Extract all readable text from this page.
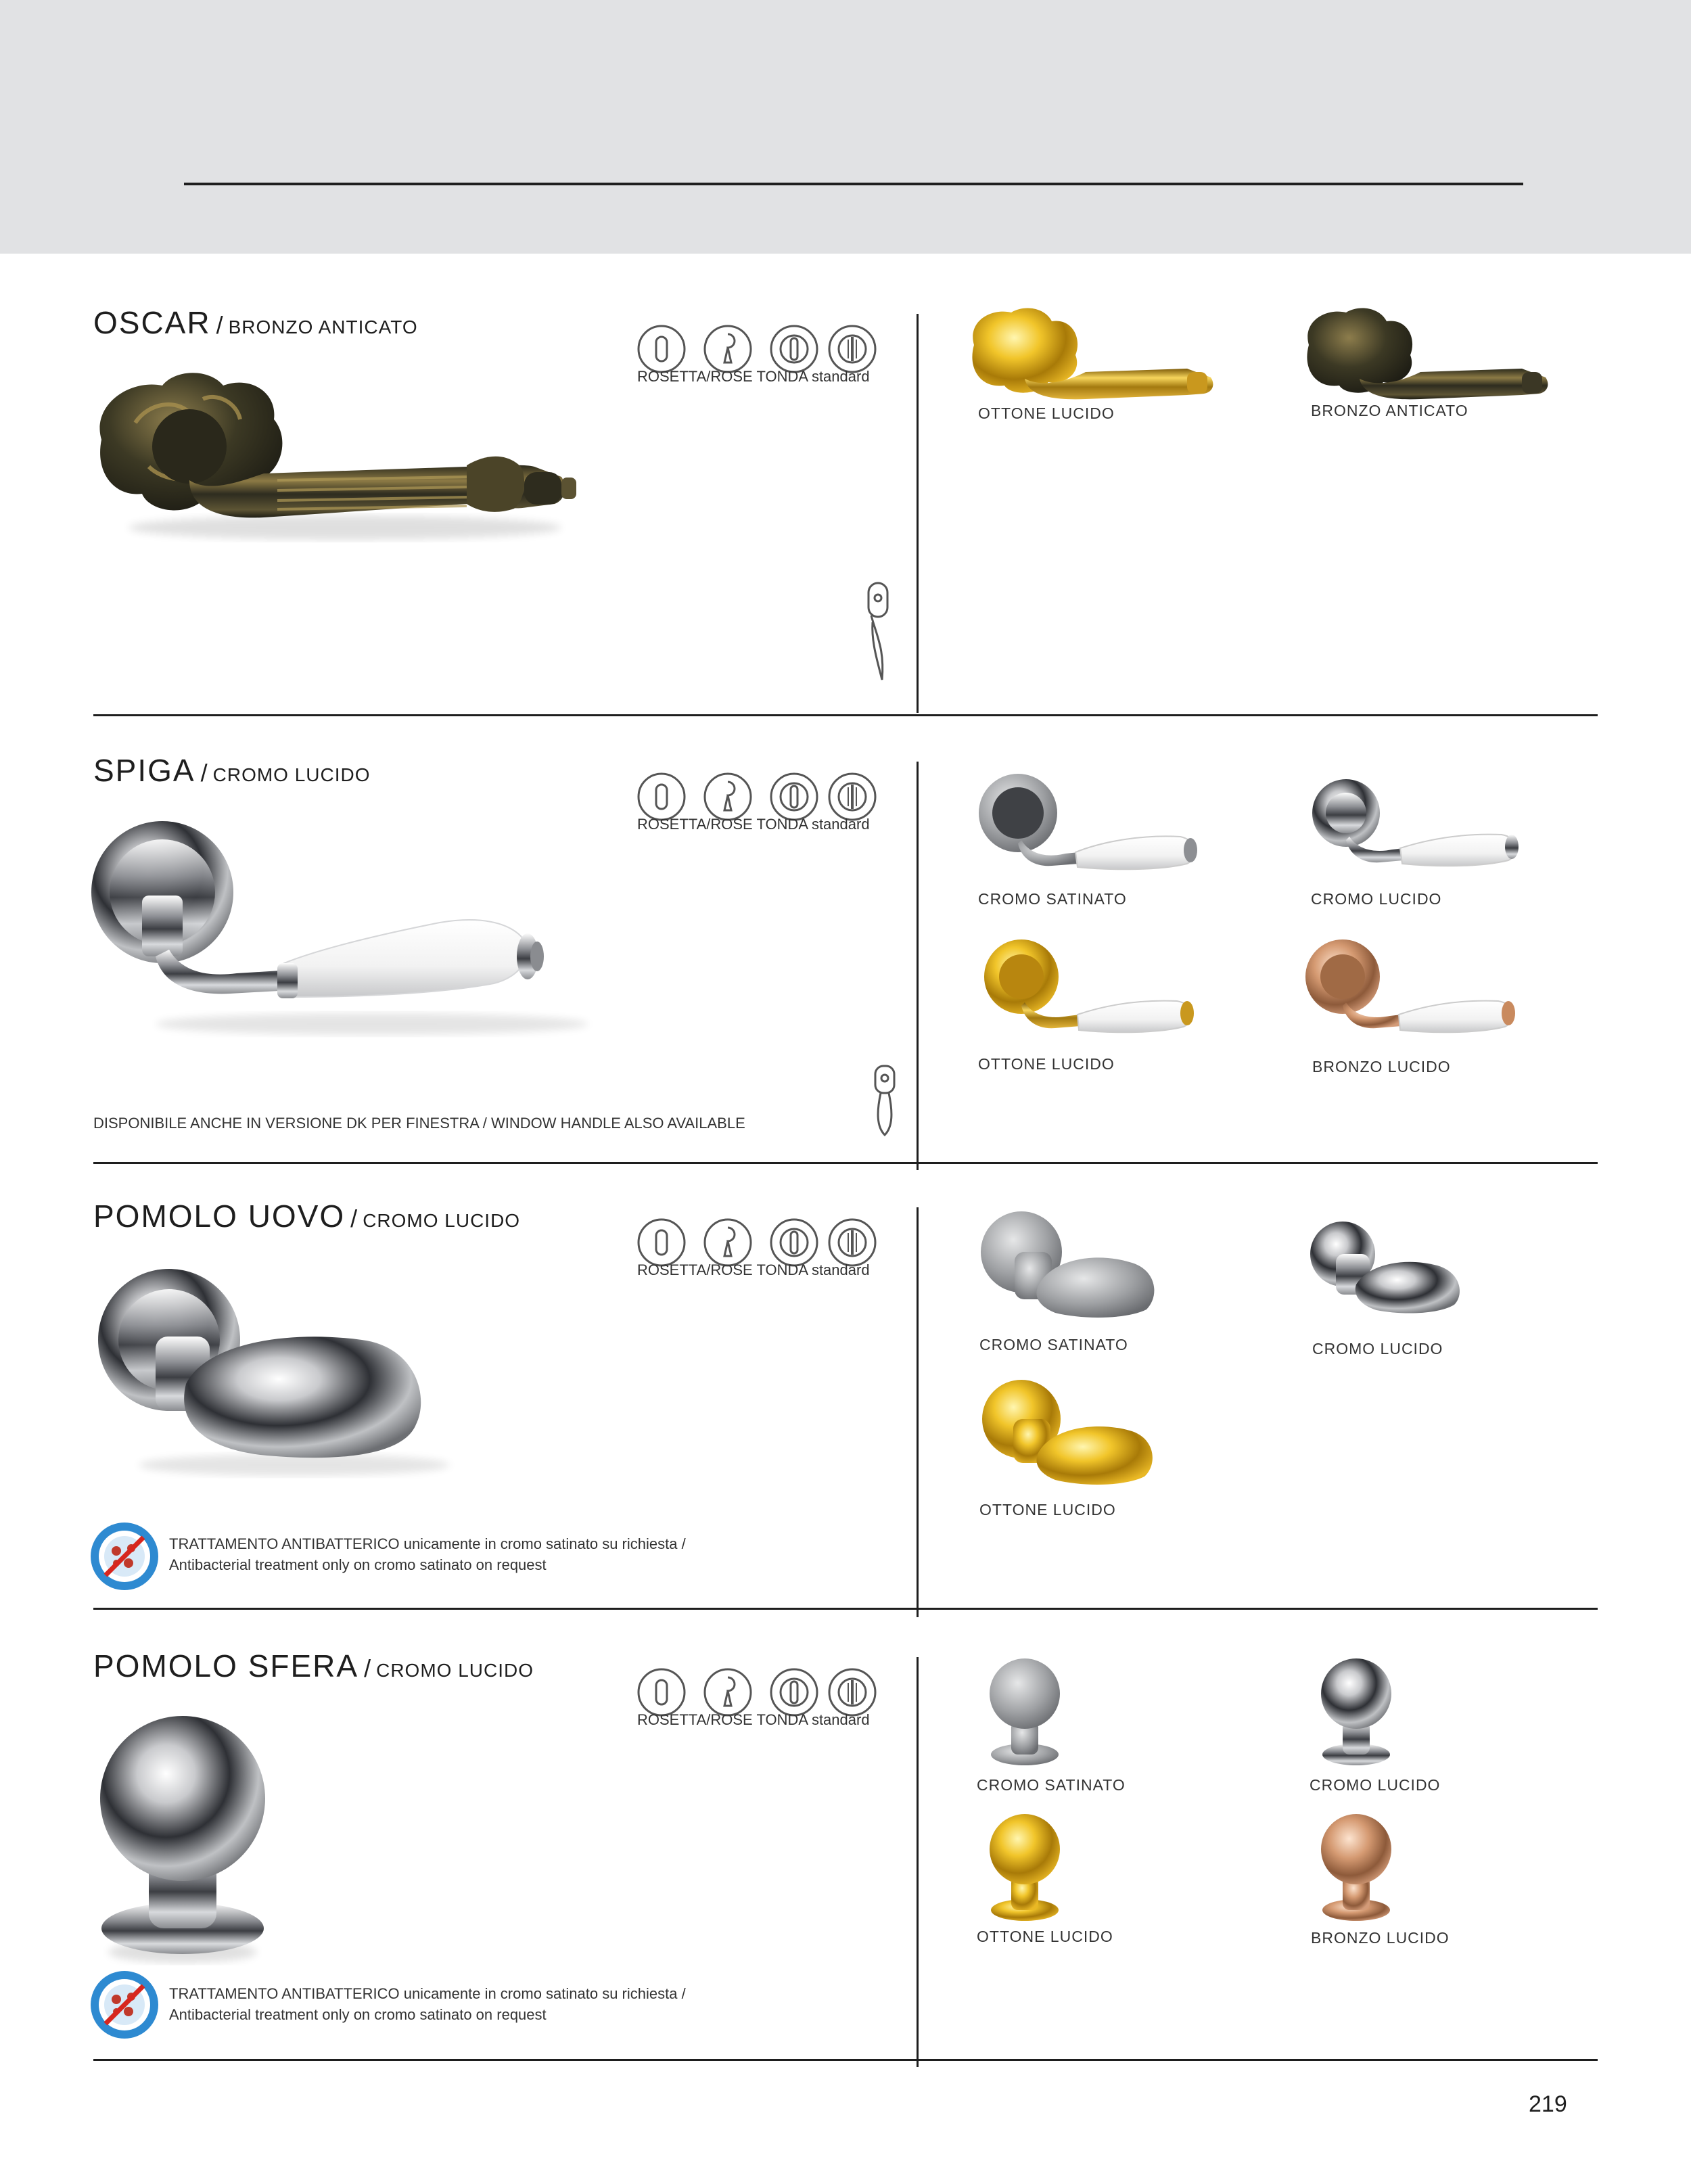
OSCAR / BRONZO ANTICATO
ROSETTA/ROSE TONDA standard
OTTONE LUCIDO	BRONZO ANTICATO
SPIGA / CROMO LUCIDO
ROSETTA/ROSE TONDA standard
DISPONIBILE ANCHE IN VERSIONE DK PER FINESTRA / WINDOW HANDLE ALSO AVAILABLE
CROMO SATINATO	CROMO LUCIDO
OTTONE LUCIDO	BRONZO LUCIDO
POMOLO UOVO / CROMO LUCIDO
ROSETTA/ROSE TONDA standard
TRATTAMENTO ANTIBATTERICO unicamente in cromo satinato su richiesta /
Antibacterial treatment only on cromo satinato on request
CROMO SATINATO	CROMO LUCIDO
OTTONE LUCIDO
POMOLO SFERA / CROMO LUCIDO
ROSETTA/ROSE TONDA standard
TRATTAMENTO ANTIBATTERICO unicamente in cromo satinato su richiesta /
Antibacterial treatment only on cromo satinato on request
CROMO SATINATO	CROMO LUCIDO
OTTONE LUCIDO	BRONZO LUCIDO
219
